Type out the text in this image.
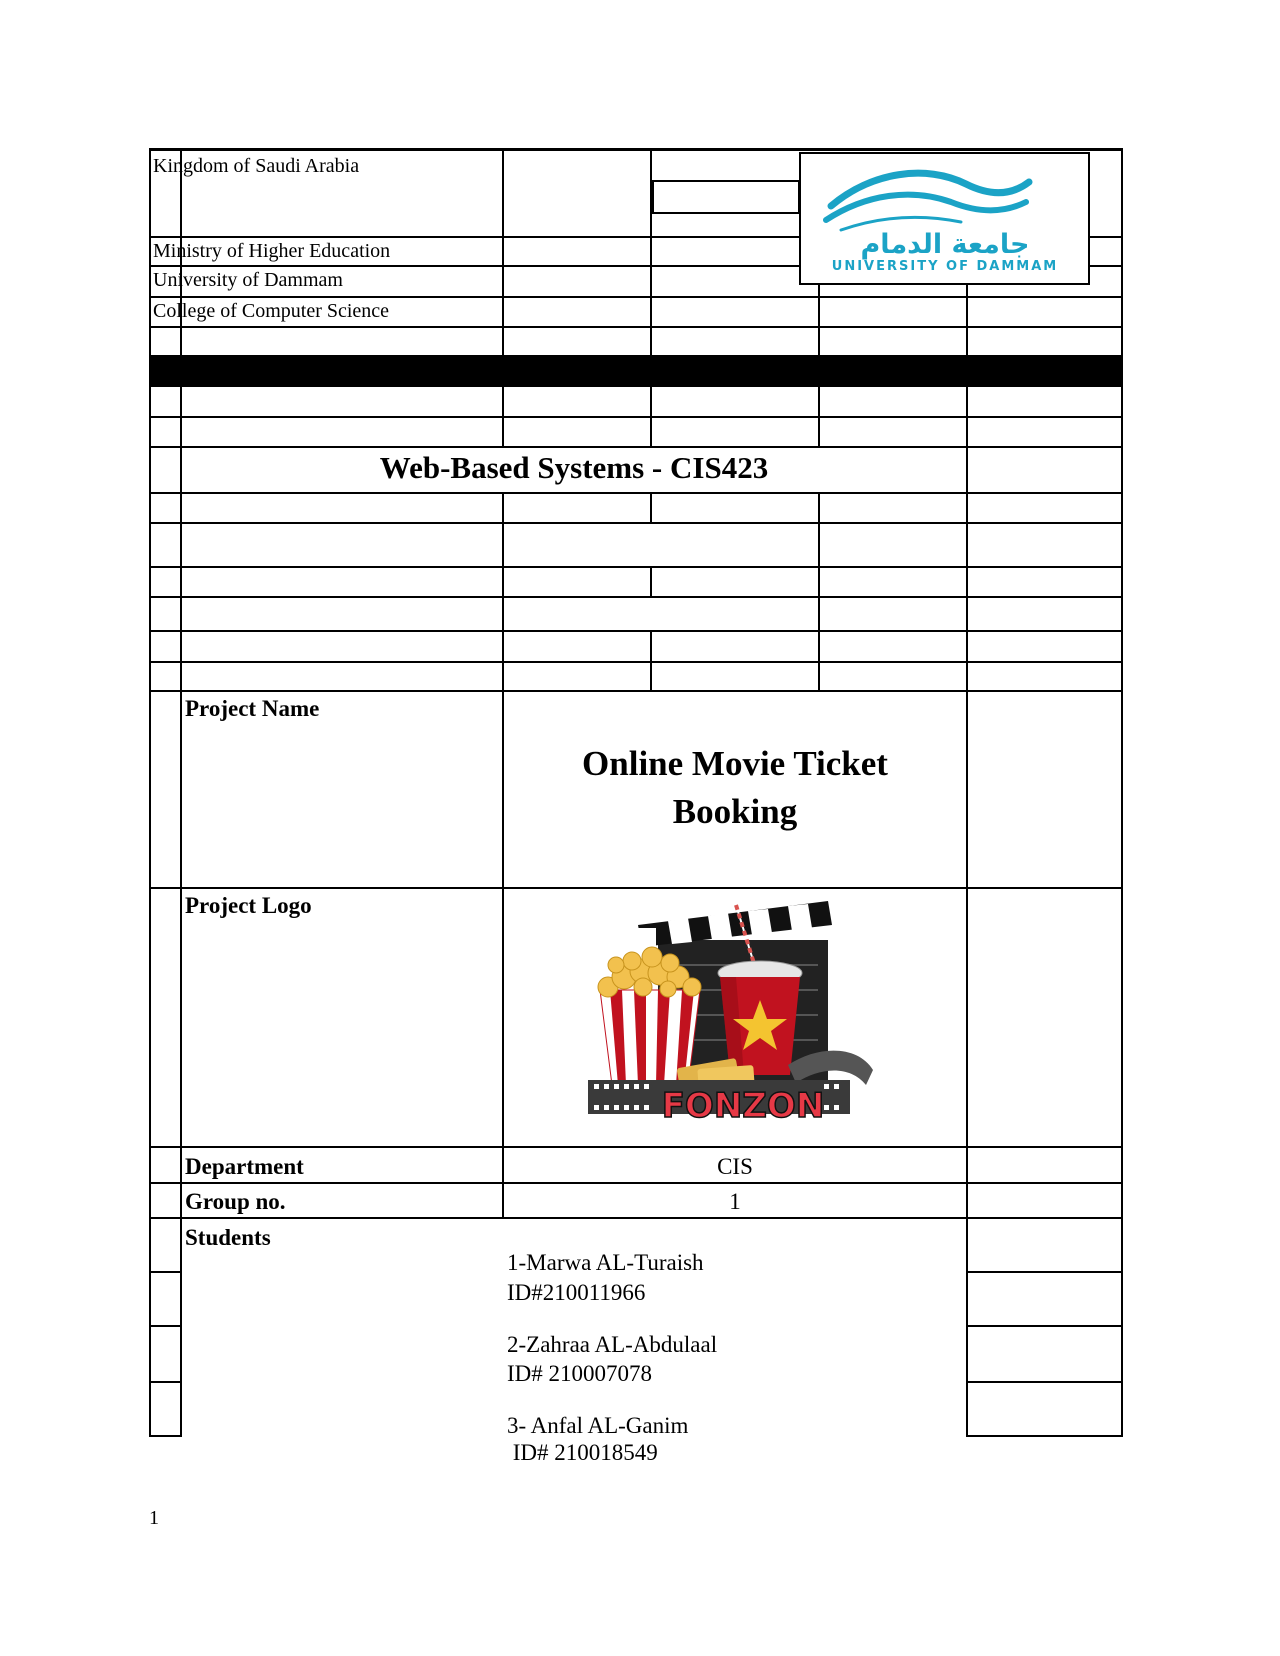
جامعة الدمام
UNIVERSITY OF DAMMAM
Kingdom of Saudi Arabia
Ministry of Higher Education
University of Dammam
College of Computer Science
Web-Based Systems - CIS423
Project Name
Online Movie Ticket
Booking
Project Logo
FONZON
Department	CIS
Group no.	1
Students
1-Marwa AL-Turaish
ID#210011966
2-Zahraa AL-Abdulaal
ID# 210007078
3- Anfal AL-Ganim
ID# 210018549
1
